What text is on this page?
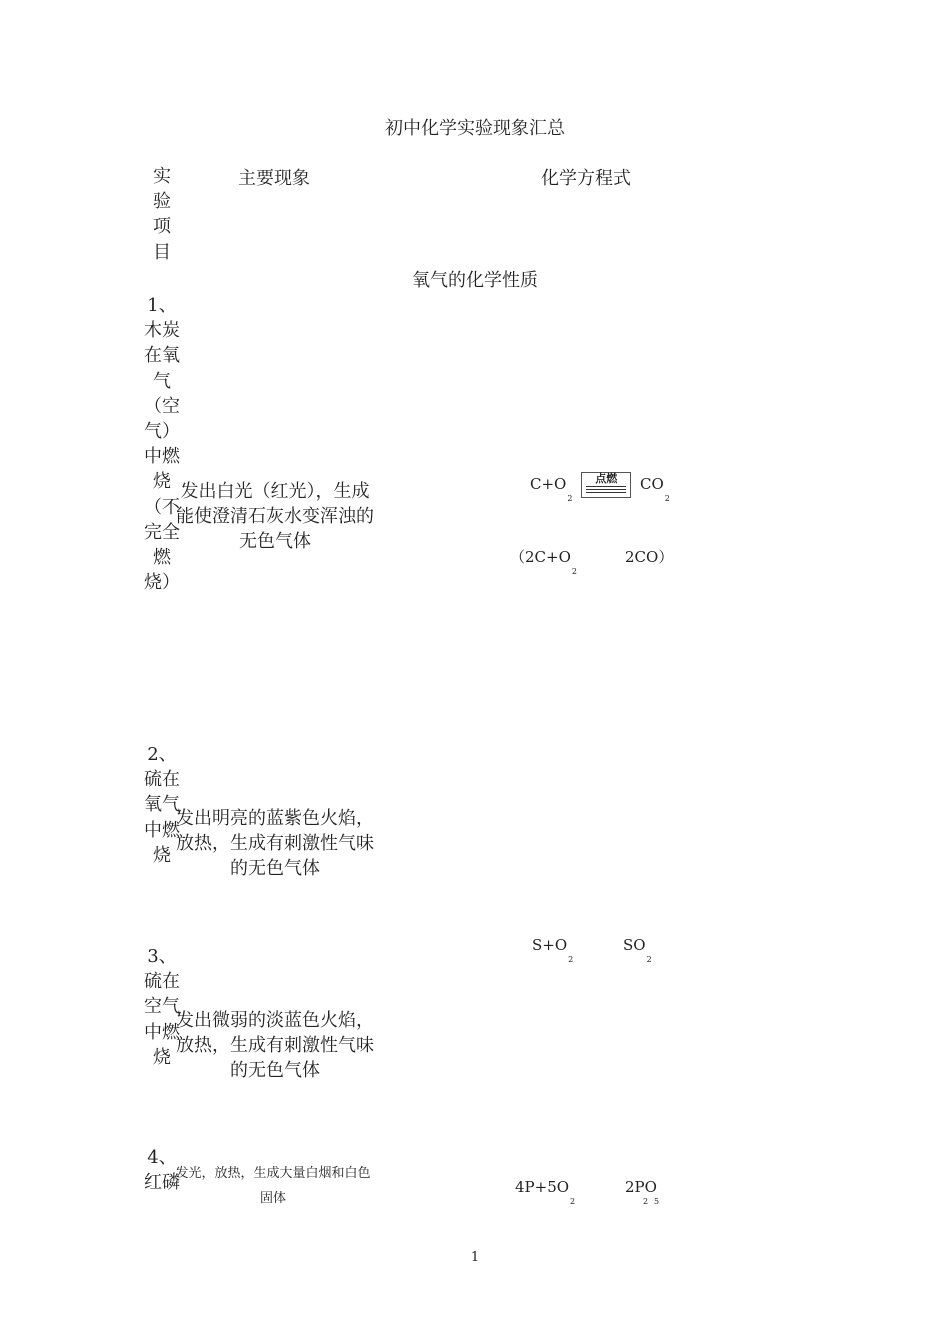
初中化学实验现象汇总
实验项目
主要现象	化学方程式
氧气的化学性质
1、木炭在氧气（空气）中燃烧（不完全燃烧）
发出白光（红光），生成能使澄清石灰水变浑浊的无色气体
$C+O_2$
点燃	$CO_2$
（$2C+O_2$
2CO）
2、硫在氧气中燃烧
发出明亮的蓝紫色火焰，放热，生成有刺激性气味的无色气体
3、硫在空气中燃烧
发出微弱的淡蓝色火焰，放热，生成有刺激性气味的无色气体
$S+O_2$
$SO_2$
4、红磷
发光，放热，生成大量白烟和白色固体
$4P+5O_2$
$2PO_2$ $_5$
1
